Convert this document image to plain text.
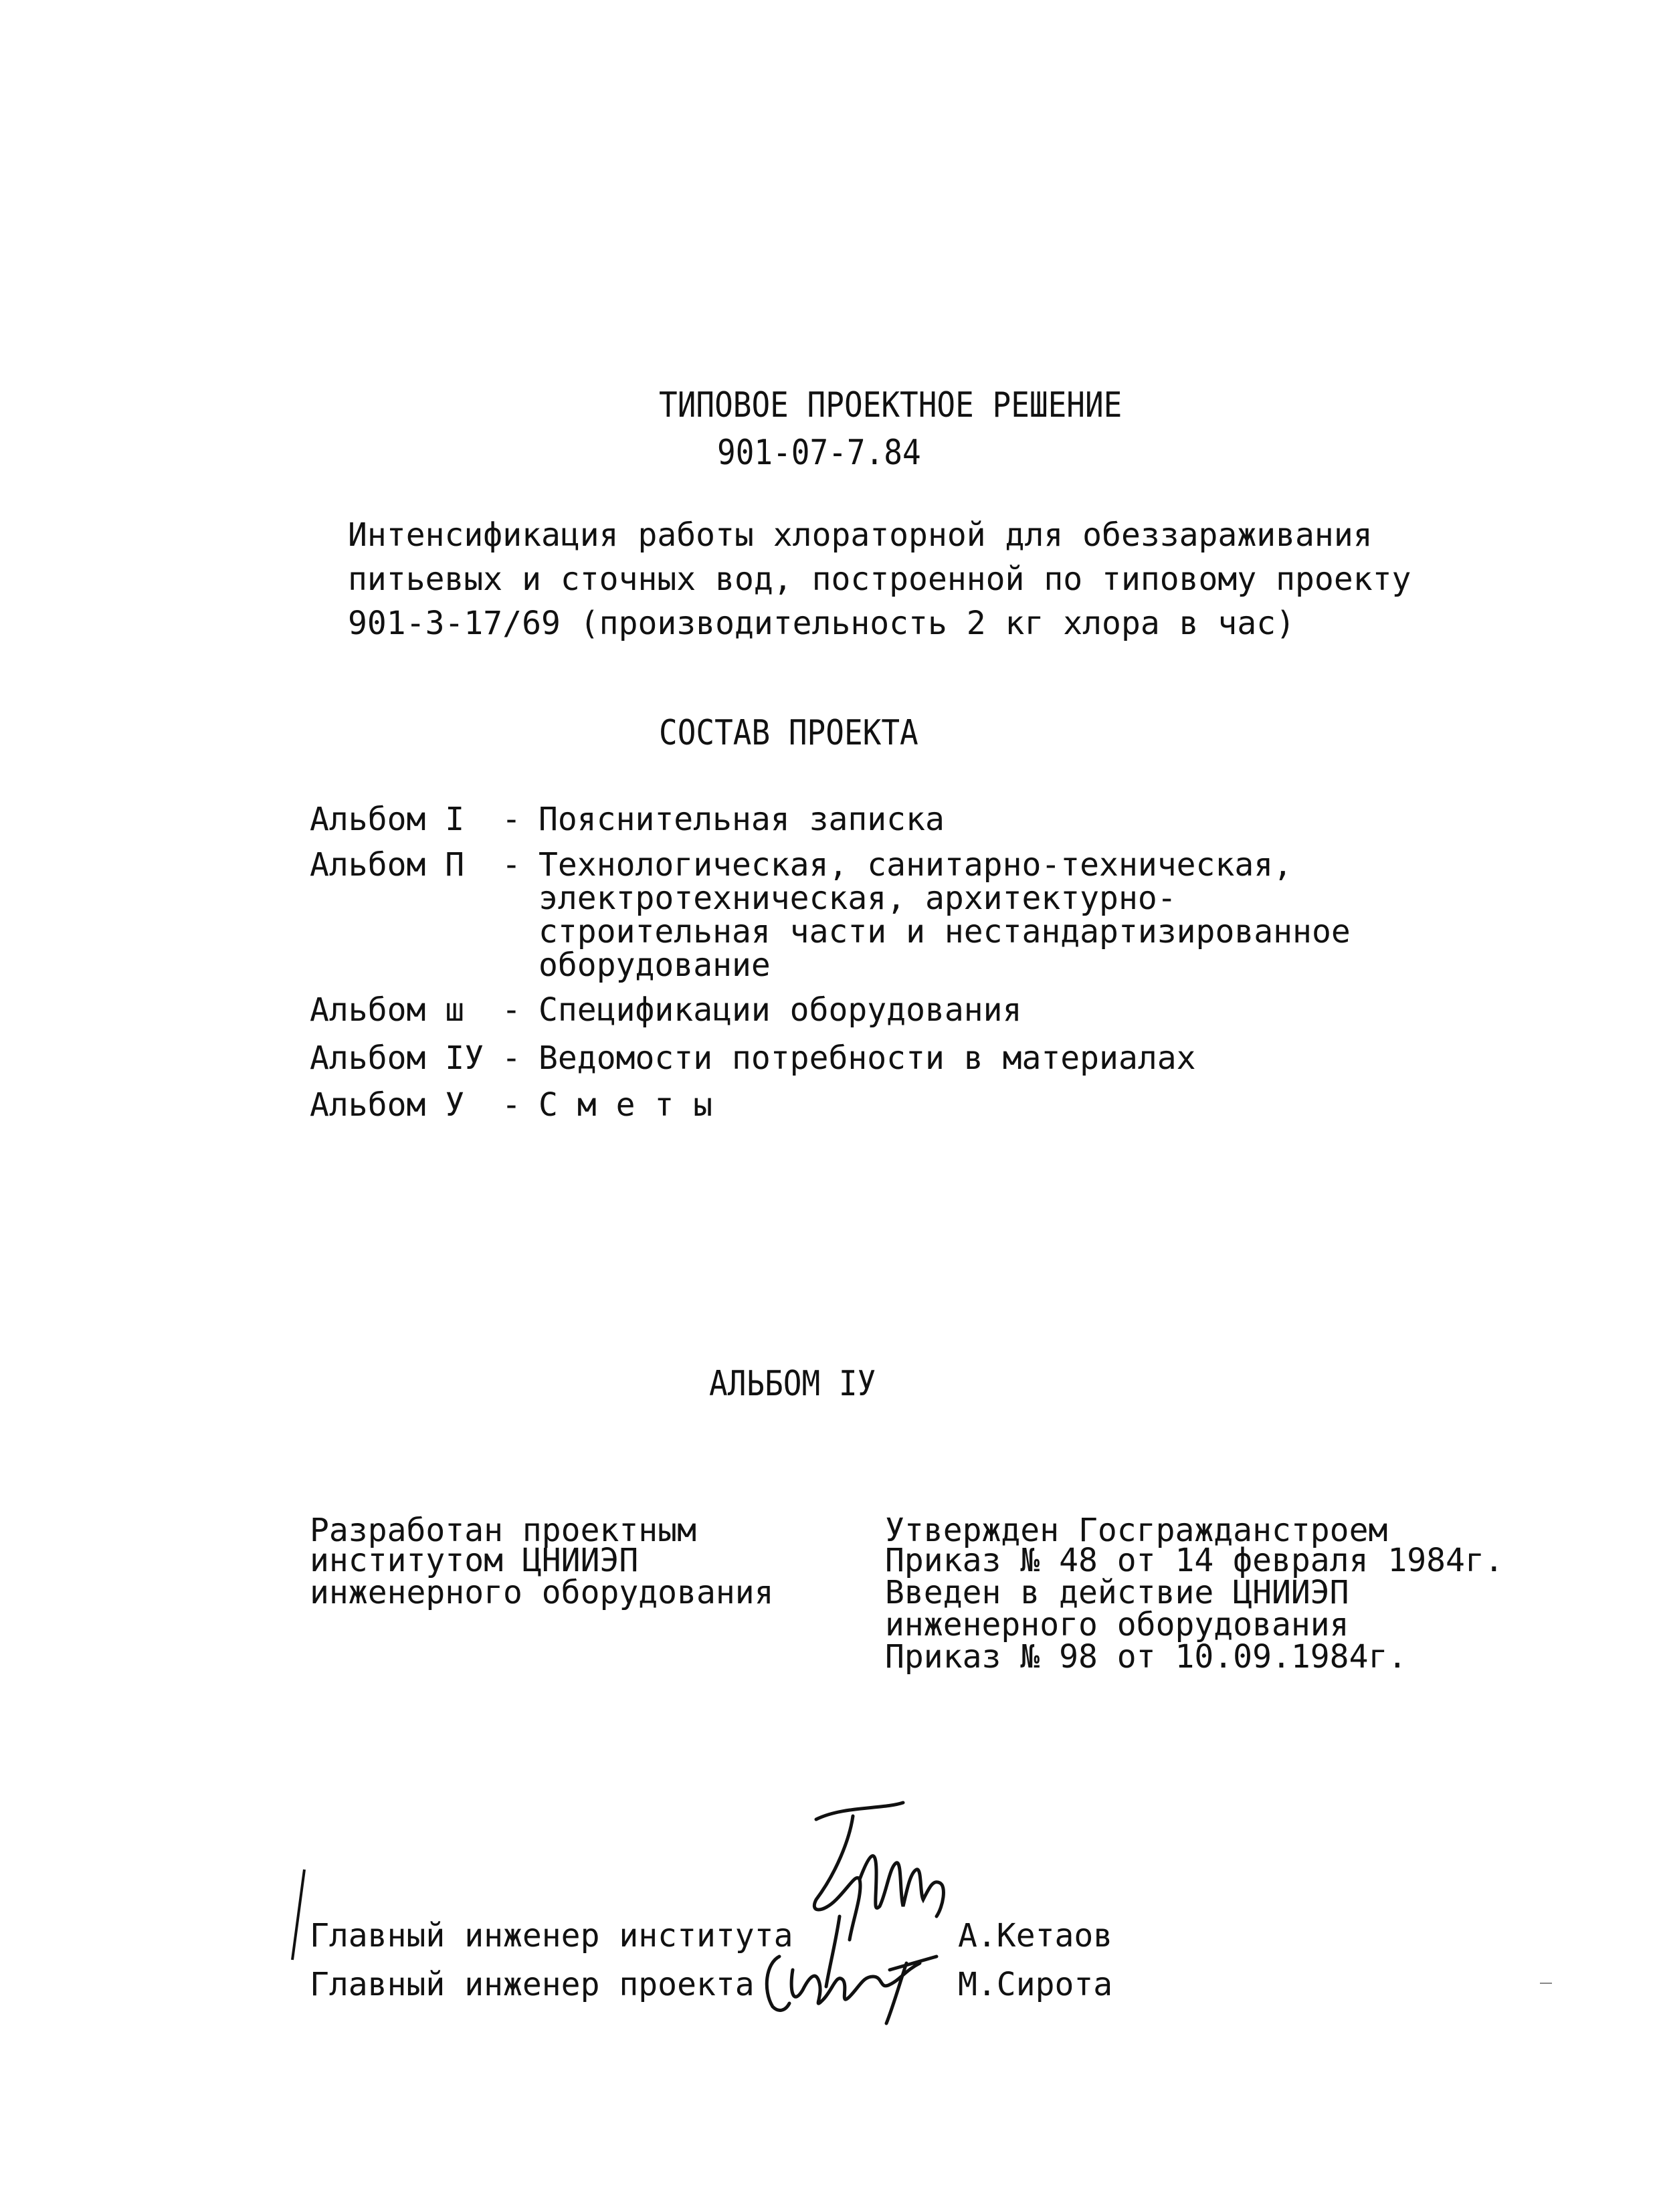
ТИПОВОЕ ПРОЕКТНОЕ РЕШЕНИЕ
901-07-7.84
Интенсификация работы хлораторной для обеззараживания
питьевых и сточных вод, построенной по типовому проекту
901-3-17/69 (производительность 2 кг хлора в час)
СОСТАВ ПРОЕКТА
Альбом I - Пояснительная записка
Альбом П - Технологическая, санитарно-техническая,
электротехническая, архитектурно-
строительная части и нестандартизированное
оборудование
Альбом ш - Спецификации оборудования
Альбом IУ - Ведомости потребности в материалах
Альбом У - С м е т ы
АЛЬБОМ IУ
Разработан проектным
институтом ЦНИИЭП
инженерного оборудования
Утвержден Госгражданстроем
Приказ № 48 от 14 февраля 1984г.
Введен в действие ЦНИИЭП
инженерного оборудования
Приказ № 98 от 10.09.1984г.
Главный инженер института	А.Кетаов
Главный инженер проекта	М.Сирота
